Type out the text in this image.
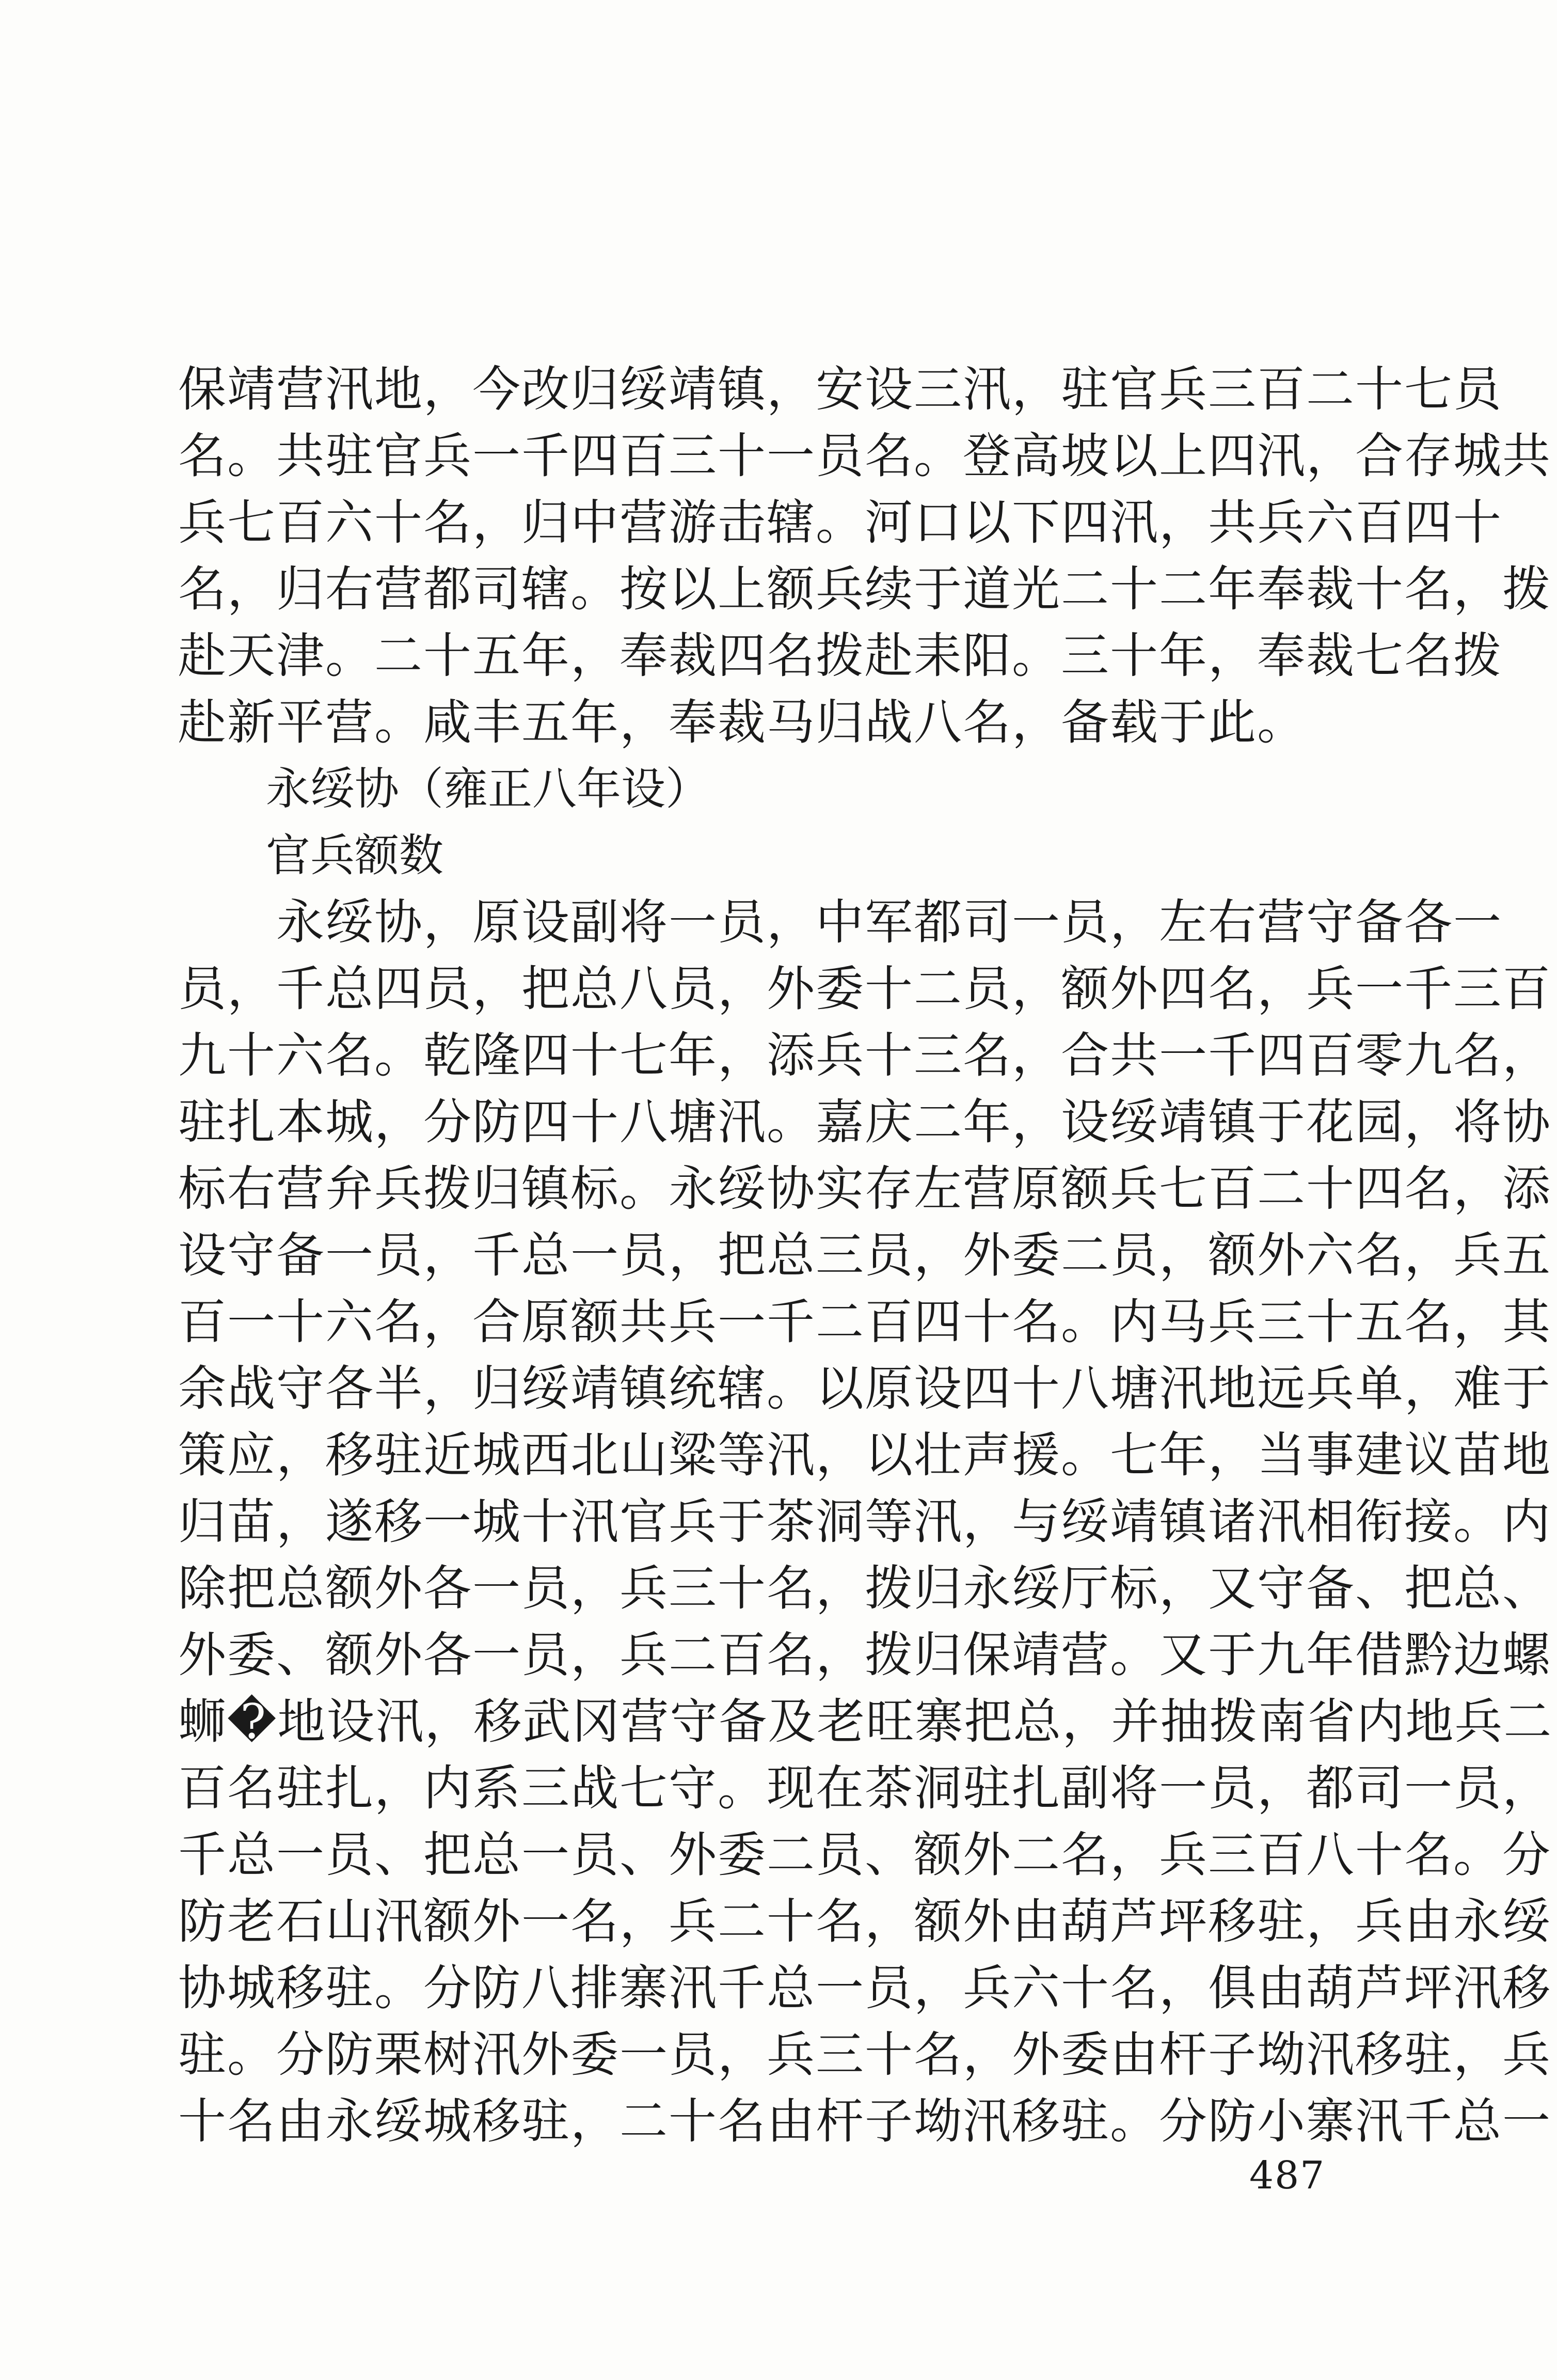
保靖营汛地，今改归绥靖镇，安设三汛，驻官兵三百二十七员
名。共驻官兵一千四百三十一员名。登高坡以上四汛，合存城共
兵七百六十名，归中营游击辖。河口以下四汛，共兵六百四十
名，归右营都司辖。按以上额兵续于道光二十二年奉裁十名，拨
赴天津。二十五年，奉裁四名拨赴耒阳。三十年，奉裁七名拨
赴新平营。咸丰五年，奉裁马归战八名，备载于此。
永绥协（雍正八年设）
官兵额数
　　永绥协，原设副将一员，中军都司一员，左右营守备各一
员，千总四员，把总八员，外委十二员，额外四名，兵一千三百
九十六名。乾隆四十七年，添兵十三名，合共一千四百零九名，
驻扎本城，分防四十八塘汛。嘉庆二年，设绥靖镇于花园，将协
标右营弁兵拨归镇标。永绥协实存左营原额兵七百二十四名，添
设守备一员，千总一员，把总三员，外委二员，额外六名，兵五
百一十六名，合原额共兵一千二百四十名。内马兵三十五名，其
余战守各半，归绥靖镇统辖。以原设四十八塘汛地远兵单，难于
策应，移驻近城西北山粱等汛，以壮声援。七年，当事建议苗地
归苗，遂移一城十汛官兵于茶洞等汛，与绥靖镇诸汛相衔接。内
除把总额外各一员，兵三十名，拨归永绥厅标，又守备、把总、
外委、额外各一员，兵二百名，拨归保靖营。又于九年借黔边螺
蛳�地设汛，移武冈营守备及老旺寨把总，并抽拨南省内地兵二
百名驻扎，内系三战七守。现在茶洞驻扎副将一员，都司一员，
千总一员、把总一员、外委二员、额外二名，兵三百八十名。分
防老石山汛额外一名，兵二十名，额外由葫芦坪移驻，兵由永绥
协城移驻。分防八排寨汛千总一员，兵六十名，俱由葫芦坪汛移
驻。分防栗树汛外委一员，兵三十名，外委由杆子坳汛移驻，兵
十名由永绥城移驻，二十名由杆子坳汛移驻。分防小寨汛千总一
487
